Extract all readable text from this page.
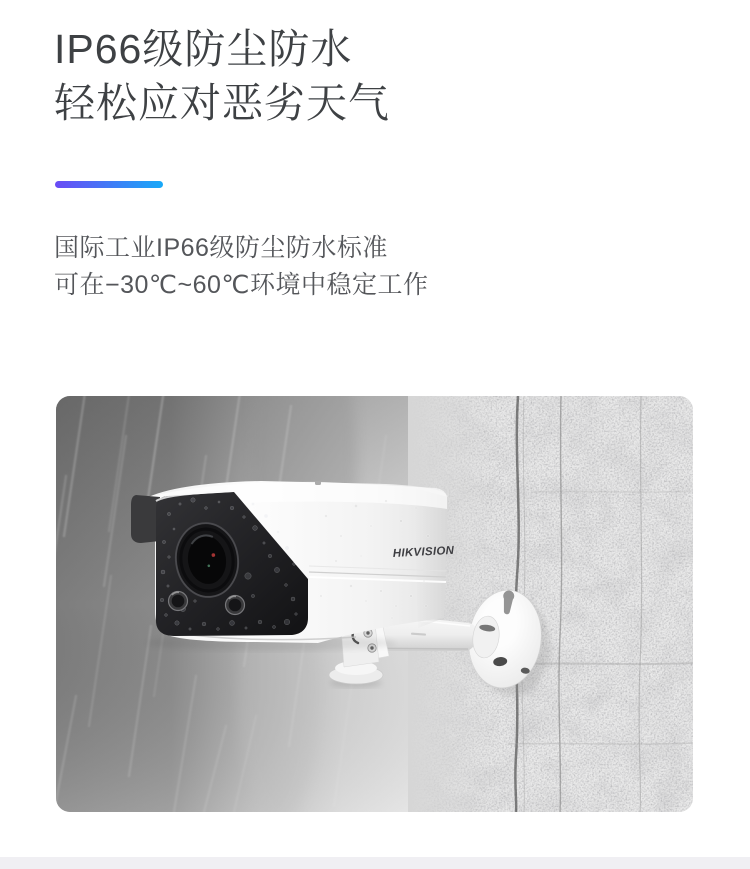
IP66级防尘防水
轻松应对恶劣天气
国际工业IP66级防尘防水标准
可在−30℃~60℃环境中稳定工作
HIKVISION
